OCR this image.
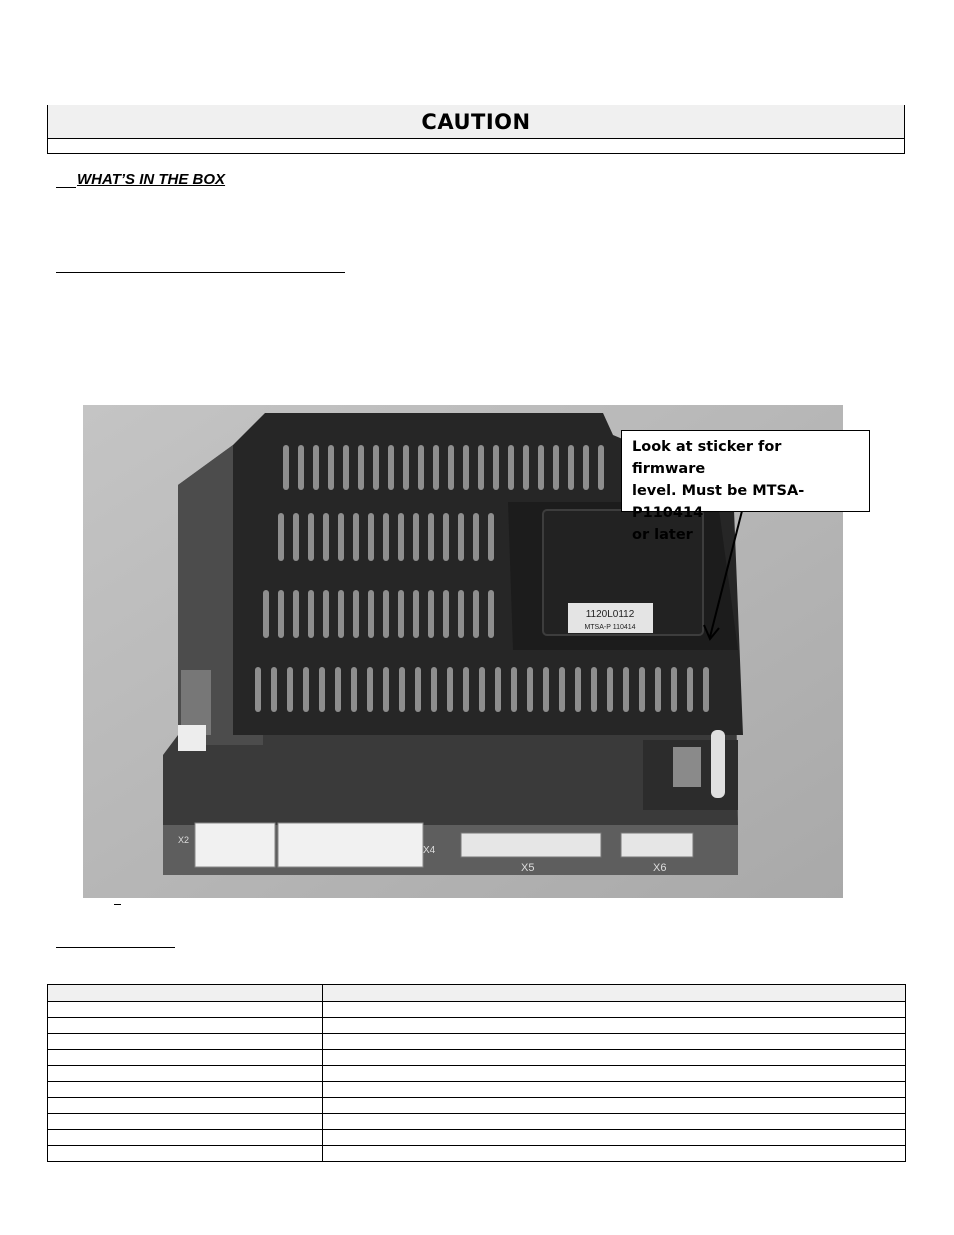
CAUTION
WHAT’S IN THE BOX
1120L0112
MTSA-P 110414
X5	X6
X4
X2
Look at sticker for firmware
level. Must be MTSA-P110414
or later
